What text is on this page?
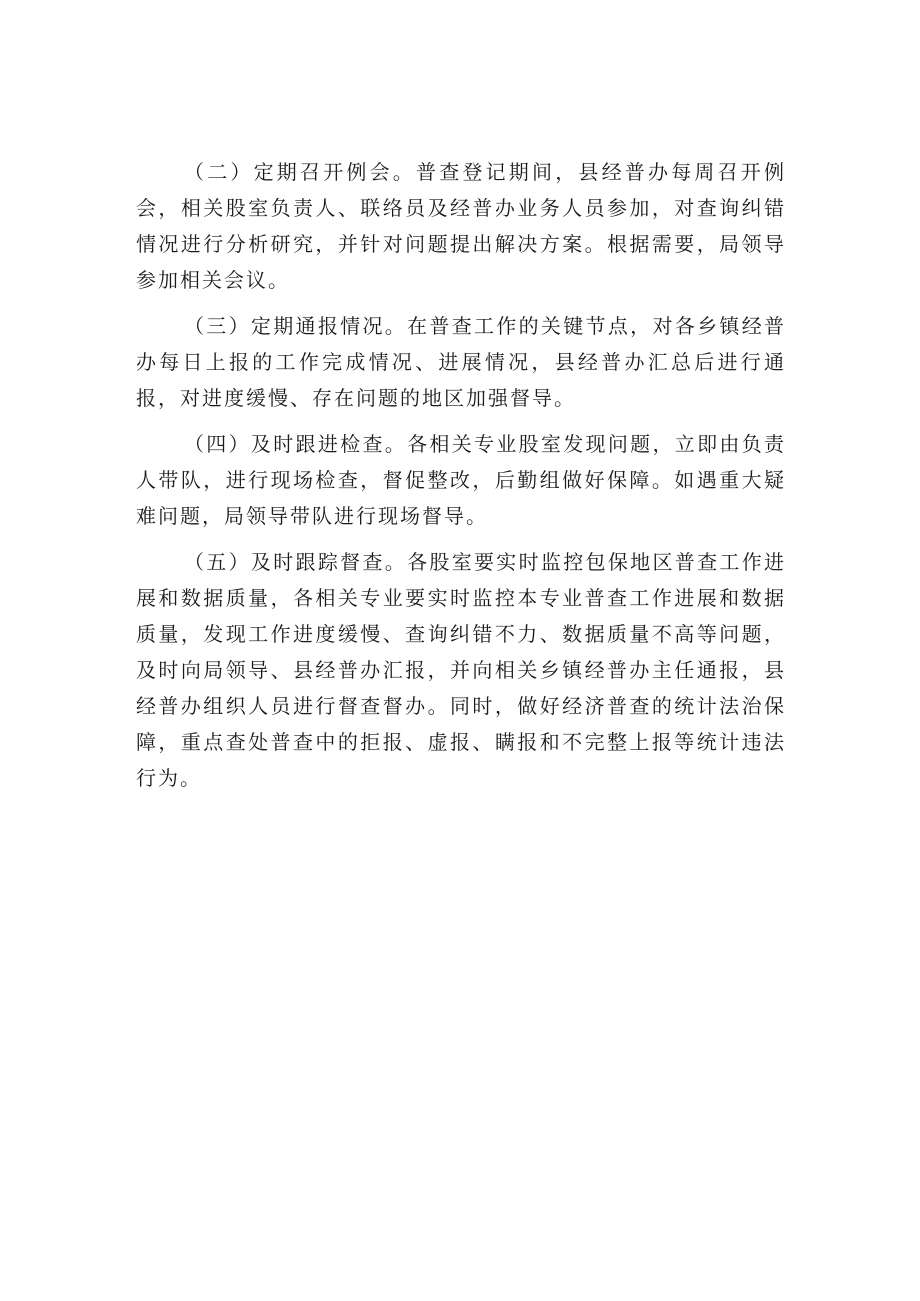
（二）定期召开例会。普查登记期间，县经普办每周召开例会，相关股室负责人、联络员及经普办业务人员参加，对查询纠错情况进行分析研究，并针对问题提出解决方案。根据需要，局领导参加相关会议。

（三）定期通报情况。在普查工作的关键节点，对各乡镇经普办每日上报的工作完成情况、进展情况，县经普办汇总后进行通报，对进度缓慢、存在问题的地区加强督导。

（四）及时跟进检查。各相关专业股室发现问题，立即由负责人带队，进行现场检查，督促整改，后勤组做好保障。如遇重大疑难问题，局领导带队进行现场督导。

（五）及时跟踪督查。各股室要实时监控包保地区普查工作进展和数据质量，各相关专业要实时监控本专业普查工作进展和数据质量，发现工作进度缓慢、查询纠错不力、数据质量不高等问题，及时向局领导、县经普办汇报，并向相关乡镇经普办主任通报，县经普办组织人员进行督查督办。同时，做好经济普查的统计法治保障，重点查处普查中的拒报、虚报、瞒报和不完整上报等统计违法行为。
